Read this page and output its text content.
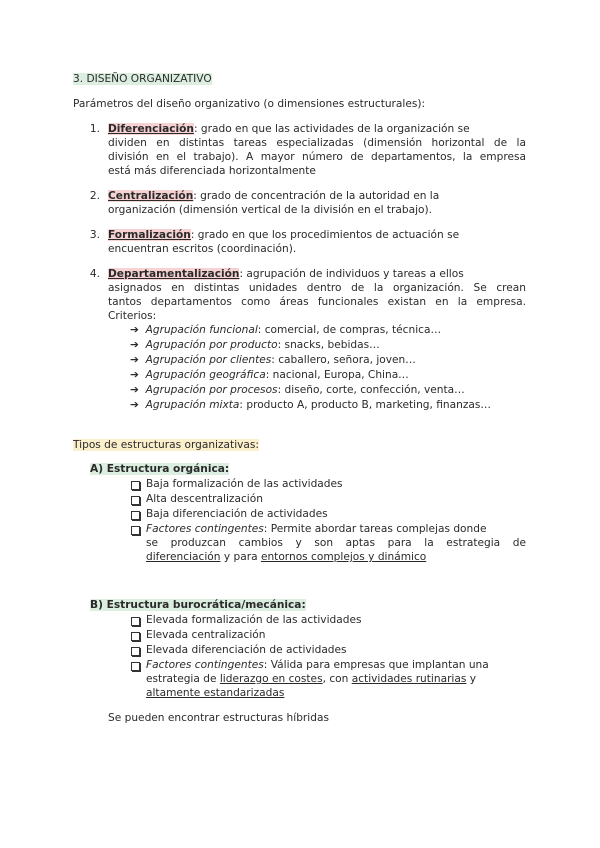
3. DISEÑO ORGANIZATIVO
Parámetros del diseño organizativo (o dimensiones estructurales):
1. Diferenciación: grado en que las actividades de la organización se
dividen en distintas tareas especializadas (dimensión horizontal de la
división en el trabajo). A mayor número de departamentos, la empresa
está más diferenciada horizontalmente
2. Centralización: grado de concentración de la autoridad en la
organización (dimensión vertical de la división en el trabajo).
3. Formalización: grado en que los procedimientos de actuación se
encuentran escritos (coordinación).
4. Departamentalización: agrupación de individuos y tareas a ellos
asignados en distintas unidades dentro de la organización. Se crean
tantos departamentos como áreas funcionales existan en la empresa.
Criterios:
➔ Agrupación funcional: comercial, de compras, técnica…
➔ Agrupación por producto: snacks, bebidas…
➔ Agrupación por clientes: caballero, señora, joven…
➔ Agrupación geográfica: nacional, Europa, China…
➔ Agrupación por procesos: diseño, corte, confección, venta…
➔ Agrupación mixta: producto A, producto B, marketing, finanzas…
Tipos de estructuras organizativas:
A) Estructura orgánica:
Baja formalización de las actividades
Alta descentralización
Baja diferenciación de actividades
Factores contingentes: Permite abordar tareas complejas donde
se produzcan cambios y son aptas para la estrategia de
diferenciación y para entornos complejos y dinámico
B) Estructura burocrática/mecánica:
Elevada formalización de las actividades
Elevada centralización
Elevada diferenciación de actividades
Factores contingentes: Válida para empresas que implantan una
estrategia de liderazgo en costes, con actividades rutinarias y
altamente estandarizadas
Se pueden encontrar estructuras híbridas
